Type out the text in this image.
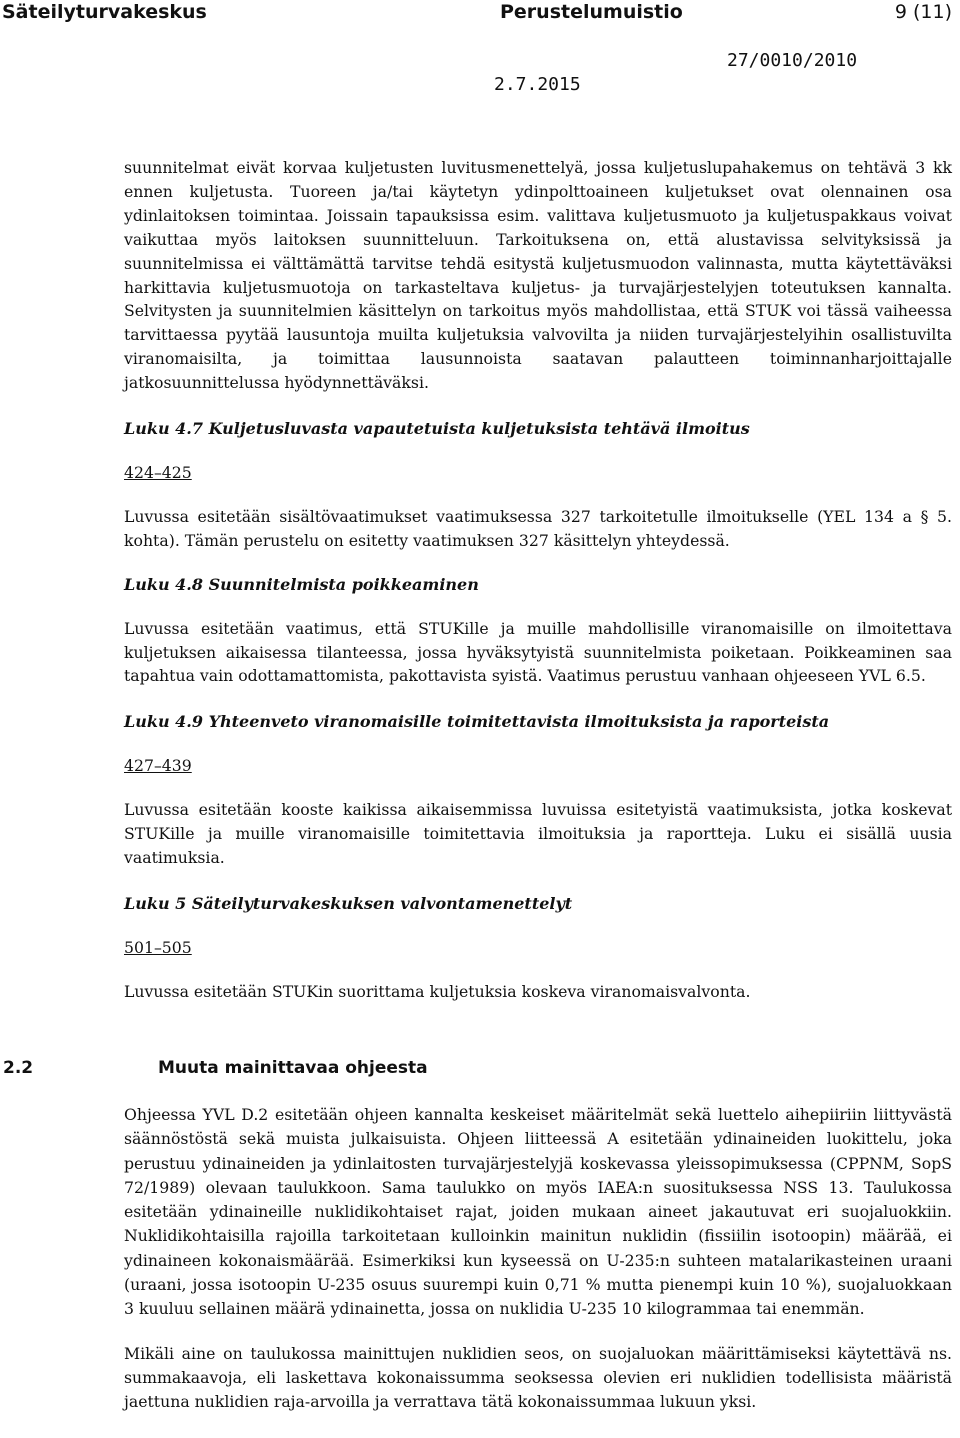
Säteilyturvakeskus	Perustelumuistio	9 (11)
27/0010/2010
2.7.2015

suunnitelmat eivät korvaa kuljetusten luvitusmenettelyä, jossa kuljetuslupahakemus on tehtävä 3 kk ennen kuljetusta. Tuoreen ja/tai käytetyn ydinpolttoaineen kuljetukset ovat olennainen osa ydinlaitoksen toimintaa. Joissain tapauksissa esim. valittava kuljetusmuoto ja kuljetuspakkaus voivat vaikuttaa myös laitoksen suunnitteluun. Tarkoituksena on, että alustavissa selvityksissä ja suunnitelmissa ei välttämättä tarvitse tehdä esitystä kuljetusmuodon valinnasta, mutta käytettäväksi harkittavia kuljetusmuotoja on tarkasteltava kuljetus- ja turvajärjestelyjen toteutuksen kannalta. Selvitysten ja suunnitelmien käsittelyn on tarkoitus myös mahdollistaa, että STUK voi tässä vaiheessa tarvittaessa pyytää lausuntoja muilta kuljetuksia valvovilta ja niiden turvajärjestelyihin osallistuvilta viranomaisilta, ja toimittaa lausunnoista saatavan palautteen toiminnanharjoittajalle jatkosuunnittelussa hyödynnettäväksi.

Luku 4.7 Kuljetusluvasta vapautetuista kuljetuksista tehtävä ilmoitus

424–425

Luvussa esitetään sisältövaatimukset vaatimuksessa 327 tarkoitetulle ilmoitukselle (YEL 134 a § 5. kohta). Tämän perustelu on esitetty vaatimuksen 327 käsittelyn yhteydessä.

Luku 4.8 Suunnitelmista poikkeaminen

Luvussa esitetään vaatimus, että STUKille ja muille mahdollisille viranomaisille on ilmoitettava kuljetuksen aikaisessa tilanteessa, jossa hyväksytyistä suunnitelmista poiketaan. Poikkeaminen saa tapahtua vain odottamattomista, pakottavista syistä. Vaatimus perustuu vanhaan ohjeeseen YVL 6.5.

Luku 4.9 Yhteenveto viranomaisille toimitettavista ilmoituksista ja raporteista

427–439

Luvussa esitetään kooste kaikissa aikaisemmissa luvuissa esitetyistä vaatimuksista, jotka koskevat STUKille ja muille viranomaisille toimitettavia ilmoituksia ja raportteja. Luku ei sisällä uusia vaatimuksia.

Luku 5 Säteilyturvakeskuksen valvontamenettelyt

501–505

Luvussa esitetään STUKin suorittama kuljetuksia koskeva viranomaisvalvonta.

2.2	Muuta mainittavaa ohjeesta

Ohjeessa YVL D.2 esitetään ohjeen kannalta keskeiset määritelmät sekä luettelo aihepiiriin liittyvästä säännöstöstä sekä muista julkaisuista. Ohjeen liitteessä A esitetään ydinaineiden luokittelu, joka perustuu ydinaineiden ja ydinlaitosten turvajärjestelyjä koskevassa yleissopimuksessa (CPPNM, SopS 72/1989) olevaan taulukkoon. Sama taulukko on myös IAEA:n suosituksessa NSS 13. Taulukossa esitetään ydinaineille nuklidikohtaiset rajat, joiden mukaan aineet jakautuvat eri suojaluokkiin. Nuklidikohtaisilla rajoilla tarkoitetaan kulloinkin mainitun nuklidin (fissiilin isotoopin) määrää, ei ydinaineen kokonaismäärää. Esimerkiksi kun kyseessä on U-235:n suhteen matalarikasteinen uraani (uraani, jossa isotoopin U-235 osuus suurempi kuin 0,71 % mutta pienempi kuin 10 %), suojaluokkaan 3 kuuluu sellainen määrä ydinainetta, jossa on nuklidia U-235 10 kilogrammaa tai enemmän.

Mikäli aine on taulukossa mainittujen nuklidien seos, on suojaluokan määrittämiseksi käytettävä ns. summakaavoja, eli laskettava kokonaissumma seoksessa olevien eri nuklidien todellisista määristä jaettuna nuklidien raja-arvoilla ja verrattava tätä kokonaissummaa lukuun yksi.
